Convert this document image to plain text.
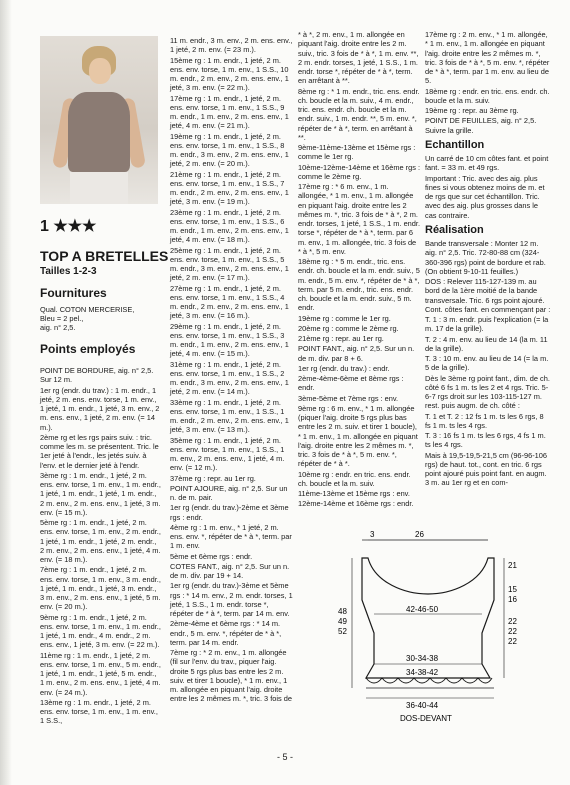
1 ★★★
TOP A BRETELLES
Tailles 1-2-3
Fournitures
Qual. COTON MERCERISE,
Bleu = 2 pel.,
aig. n° 2,5.
Points employés

POINT DE BORDURE, aig. n° 2,5. Sur 12 m.

1er rg (endr. du trav.) : 1 m. endr., 1 jeté, 2 m. ens. env. torse, 1 m. env., 1 jeté, 1 m. endr., 1 jeté, 3 m. env., 2 m. ens. env., 1 jeté, 2 m. env. (= 14 m.).

2ème rg et les rgs pairs suiv. : tric. comme les m. se présentent. Tric. le 1er jeté à l'endr., les jetés suiv. à l'env. et le dernier jeté à l'endr.

3ème rg : 1 m. endr., 1 jeté, 2 m. ens. env. torse, 1 m. env., 1 m. endr., 1 jeté, 1 m. endr., 1 jeté, 1 m. endr., 2 m. env., 2 m. ens. env., 1 jeté, 3 m. env. (= 15 m.).

5ème rg : 1 m. endr., 1 jeté, 2 m. ens. env. torse, 1 m. env., 2 m. endr., 1 jeté, 1 m. endr., 1 jeté, 2 m. endr., 2 m. env., 2 m. ens. env., 1 jeté, 4 m. env. (= 18 m.).

7ème rg : 1 m. endr., 1 jeté, 2 m. ens. env. torse, 1 m. env., 3 m. endr., 1 jeté, 1 m. endr., 1 jeté, 3 m. endr., 3 m. env., 2 m. ens. env., 1 jeté, 5 m. env. (= 20 m.).

9ème rg : 1 m. endr., 1 jeté, 2 m. ens. env. torse, 1 m. env., 1 m. endr., 1 jeté, 1 m. endr., 4 m. endr., 2 m. ens. env., 1 jeté, 3 m. env. (= 22 m.).

11ème rg : 1 m. endr., 1 jeté, 2 m. ens. env. torse, 1 m. env., 5 m. endr., 1 jeté, 1 m. endr., 1 jeté, 5 m. endr., 1 m. env., 2 m. ens. env., 1 jeté, 4 m. env. (= 24 m.).

13ème rg : 1 m. endr., 1 jeté, 2 m. ens. env. torse, 1 m. env., 1 m. env., 1 S.S.,

11 m. endr., 3 m. env., 2 m. ens. env., 1 jeté, 2 m. env. (= 23 m.).

15ème rg : 1 m. endr., 1 jeté, 2 m. ens. env. torse, 1 m. env., 1 S.S., 10 m. endr., 2 m. env., 2 m. ens. env., 1 jeté, 3 m. env. (= 22 m.).

17ème rg : 1 m. endr., 1 jeté, 2 m. ens. env. torse, 1 m. env., 1 S.S., 9 m. endr., 1 m. env., 2 m. ens. env., 1 jeté, 4 m. env. (= 21 m.).

19ème rg : 1 m. endr., 1 jeté, 2 m. ens. env. torse, 1 m. env., 1 S.S., 8 m. endr., 3 m. env., 2 m. ens. env., 1 jeté, 2 m. env. (= 20 m.).

21ème rg : 1 m. endr., 1 jeté, 2 m. ens. env. torse, 1 m. env., 1 S.S., 7 m. endr., 2 m. env., 2 m. ens. env., 1 jeté, 3 m. env. (= 19 m.).

23ème rg : 1 m. endr., 1 jeté, 2 m. ens. env. torse, 1 m. env., 1 S.S., 6 m. endr., 1 m. env., 2 m. ens. env., 1 jeté, 4 m. env. (= 18 m.).

25ème rg : 1 m. endr., 1 jeté, 2 m. ens. env. torse, 1 m. env., 1 S.S., 5 m. endr., 3 m. env., 2 m. ens. env., 1 jeté, 2 m. env. (= 17 m.).

27ème rg : 1 m. endr., 1 jeté, 2 m. ens. env. torse, 1 m. env., 1 S.S., 4 m. endr., 2 m. env., 2 m. ens. env., 1 jeté, 3 m. env. (= 16 m.).

29ème rg : 1 m. endr., 1 jeté, 2 m. ens. env. torse, 1 m. env., 1 S.S., 3 m. endr., 1 m. env., 2 m. ens. env., 1 jeté, 4 m. env. (= 15 m.).

31ème rg : 1 m. endr., 1 jeté, 2 m. ens. env. torse, 1 m. env., 1 S.S., 2 m. endr., 3 m. env., 2 m. ens. env., 1 jeté, 2 m. env. (= 14 m.).

33ème rg : 1 m. endr., 1 jeté, 2 m. ens. env. torse, 1 m. env., 1 S.S., 1 m. endr., 2 m. env., 2 m. ens. env., 1 jeté, 3 m. env. (= 13 m.).

35ème rg : 1 m. endr., 1 jeté, 2 m. ens. env. torse, 1 m. env., 1 S.S., 1 m. env., 2 m. ens. env., 1 jeté, 4 m. env. (= 12 m.).

37ème rg : repr. au 1er rg.

POINT AJOURE, aig. n° 2,5. Sur un n. de m. pair.

1er rg (endr. du trav.)-2ème et 3ème rgs : endr.

4ème rg : 1 m. env., * 1 jeté, 2 m. ens. env. *, répéter de * à *, term. par 1 m. env.

5ème et 6ème rgs : endr.

COTES FANT., aig. n° 2,5. Sur un n. de m. div. par 19 + 14.

1er rg (endr. du trav.)-3ème et 5ème rgs : * 14 m. env., 2 m. endr. torses, 1 jeté, 1 S.S., 1 m. endr. torse *, répéter de * à *, term. par 14 m. env.

2ème-4ème et 6ème rgs : * 14 m. endr., 5 m. env. *, répéter de * à *, term. par 14 m. endr.

7ème rg : * 2 m. env., 1 m. allongée (fil sur l'env. du trav., piquer l'aig. droite 5 rgs plus bas entre les 2 m. suiv. et tirer 1 boucle), * 1 m. env., 1 m. allongée en piquant l'aig. droite entre les 2 mêmes m. *, tric. 3 fois de

* à *, 2 m. env., 1 m. allongée en piquant l'aig. droite entre les 2 m. suiv., tric. 3 fois de * à *, 1 m. env. **, 2 m. endr. torses, 1 jeté, 1 S.S., 1 m. endr. torse *, répéter de * à *, term. en arrêtant à **.

8ème rg : * 1 m. endr., tric. ens. endr. ch. boucle et la m. suiv., 4 m. endr., tric. ens. endr. ch. boucle et la m. endr. suiv., 1 m. endr. **, 5 m. env. *, répéter de * à *, term. en arrêtant à **.

9ème-11ème-13ème et 15ème rgs : comme le 1er rg.

10ème-12ème-14ème et 16ème rgs : comme le 2ème rg.

17ème rg : * 6 m. env., 1 m. allongée, * 1 m. env., 1 m. allongée en piquant l'aig. droite entre les 2 mêmes m. *, tric. 3 fois de * à *, 2 m. endr. torses, 1 jeté, 1 S.S., 1 m. endr. torse *, répéter de * à *, term. par 6 m. env., 1 m. allongée, tric. 3 fois de * à *, 5 m. env.

18ème rg : * 5 m. endr., tric. ens. endr. ch. boucle et la m. endr. suiv., 5 m. endr., 5 m. env. *, répéter de * à *, term. par 5 m. endr., tric. ens. endr. ch. boucle et la m. endr. suiv., 5 m. endr.

19ème rg : comme le 1er rg.

20ème rg : comme le 2ème rg.

21ème rg : repr. au 1er rg.

POINT FANT., aig. n° 2,5. Sur un n. de m. div. par 8 + 6.

1er rg (endr. du trav.) : endr.

2ème-4ème-6ème et 8ème rgs : endr.

3ème-5ème et 7ème rgs : env.

9ème rg : 6 m. env., * 1 m. allongée (piquer l'aig. droite 5 rgs plus bas entre les 2 m. suiv. et tirer 1 boucle), * 1 m. env., 1 m. allongée en piquant l'aig. droite entre les 2 mêmes m. *, tric. 3 fois de * à *, 5 m. env. *, répéter de * à *.

10ème rg : endr. en tric. ens. endr. ch. boucle et la m. suiv.

11ème-13ème et 15ème rgs : env.

12ème-14ème et 16ème rgs : endr.

17ème rg : 2 m. env., * 1 m. allongée, * 1 m. env., 1 m. allongée en piquant l'aig. droite entre les 2 mêmes m. *, tric. 3 fois de * à *, 5 m. env. *, répéter de * à *, term. par 1 m. env. au lieu de 5.

18ème rg : endr. en tric. ens. endr. ch. boucle et la m. suiv.

19ème rg : repr. au 3ème rg.

POINT DE FEUILLES, aig. n° 2,5. Suivre la grille.

Echantillon

Un carré de 10 cm côtes fant. et point fant. = 33 m. et 49 rgs.

Important : Tric. avec des aig. plus fines si vous obtenez moins de m. et de rgs que sur cet échantillon. Tric. avec des aig. plus grosses dans le cas contraire.

Réalisation

Bande transversale : Monter 12 m. aig. n° 2,5. Tric. 72-80-88 cm (324-360-396 rgs) point de bordure et rab. (On obtient 9-10-11 feuilles.)

DOS : Relever 115-127-139 m. au bord de la 1ère moitié de la bande transversale. Tric. 6 rgs point ajouré. Cont. côtes fant. en commençant par :

T. 1 : 3 m. endr. puis l'explication (= la m. 17 de la grille).

T. 2 : 4 m. env. au lieu de 14 (la m. 11 de la grille).

T. 3 : 10 m. env. au lieu de 14 (= la m. 5 de la grille).

Dès le 3ème rg point fant., dim. de ch. côté 6 fs 1 m. ts les 2 et 4 rgs. Tric. 5-6-7 rgs droit sur les 103-115-127 m. rest. puis augm. de ch. côté :

T. 1 et T. 2 : 12 fs 1 m. ts les 6 rgs, 8 fs 1 m. ts les 4 rgs.

T. 3 : 16 fs 1 m. ts les 6 rgs, 4 fs 1 m. ts les 4 rgs.

Mais à 19,5-19,5-21,5 cm (96-96-106 rgs) de haut. tot., cont. en tric. 6 rgs point ajouré puis point fant. en augm. 3 m. au 1er rg et en com-

3	26
21
15
16
22
22
22
48
49
52
42-46-50
30-34-38
34-38-42
36-40-44
DOS-DEVANT
- 5 -
